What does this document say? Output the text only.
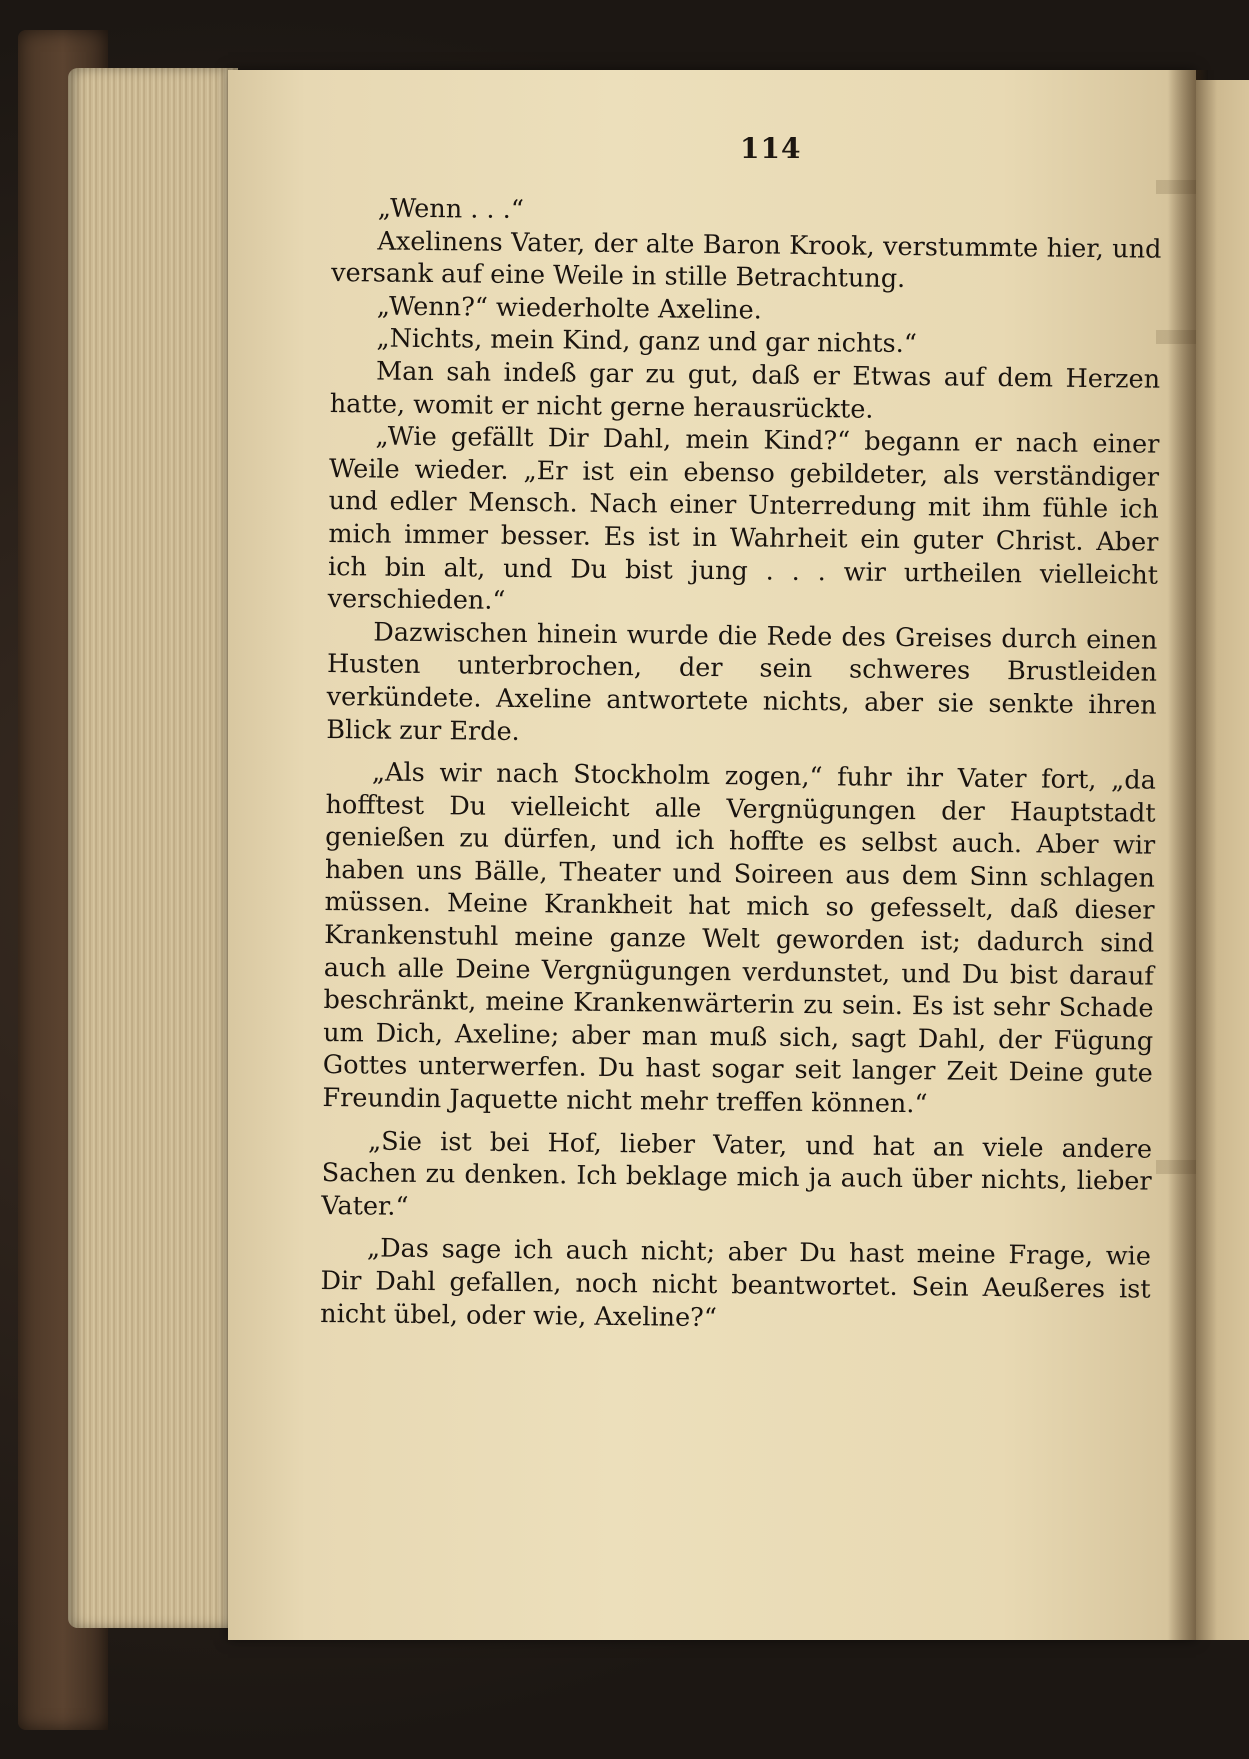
114

„Wenn . . .“

Axelinens Vater, der alte Baron Krook, verstummte hier, und versank auf eine Weile in stille Betrachtung.

„Wenn?“ wiederholte Axeline.

„Nichts, mein Kind, ganz und gar nichts.“

Man sah indeß gar zu gut, daß er Etwas auf dem Herzen hatte, womit er nicht gerne herausrückte.

„Wie gefällt Dir Dahl, mein Kind?“ begann er nach einer Weile wieder. „Er ist ein ebenso gebildeter, als verständiger und edler Mensch. Nach einer Unterredung mit ihm fühle ich mich immer besser. Es ist in Wahrheit ein guter Christ. Aber ich bin alt, und Du bist jung . . . wir urtheilen vielleicht verschieden.“

Dazwischen hinein wurde die Rede des Greises durch einen Husten unterbrochen, der sein schweres Brustleiden verkündete. Axeline antwortete nichts, aber sie senkte ihren Blick zur Erde.

„Als wir nach Stockholm zogen,“ fuhr ihr Vater fort, „da hofftest Du vielleicht alle Vergnügungen der Hauptstadt genießen zu dürfen, und ich hoffte es selbst auch. Aber wir haben uns Bälle, Theater und Soireen aus dem Sinn schlagen müssen. Meine Krankheit hat mich so gefesselt, daß dieser Krankenstuhl meine ganze Welt geworden ist; dadurch sind auch alle Deine Vergnügungen verdunstet, und Du bist darauf beschränkt, meine Krankenwärterin zu sein. Es ist sehr Schade um Dich, Axeline; aber man muß sich, sagt Dahl, der Fügung Gottes unterwerfen. Du hast sogar seit langer Zeit Deine gute Freundin Jaquette nicht mehr treffen können.“

„Sie ist bei Hof, lieber Vater, und hat an viele andere Sachen zu denken. Ich beklage mich ja auch über nichts, lieber Vater.“

„Das sage ich auch nicht; aber Du hast meine Frage, wie Dir Dahl gefallen, noch nicht beantwortet. Sein Aeußeres ist nicht übel, oder wie, Axeline?“
